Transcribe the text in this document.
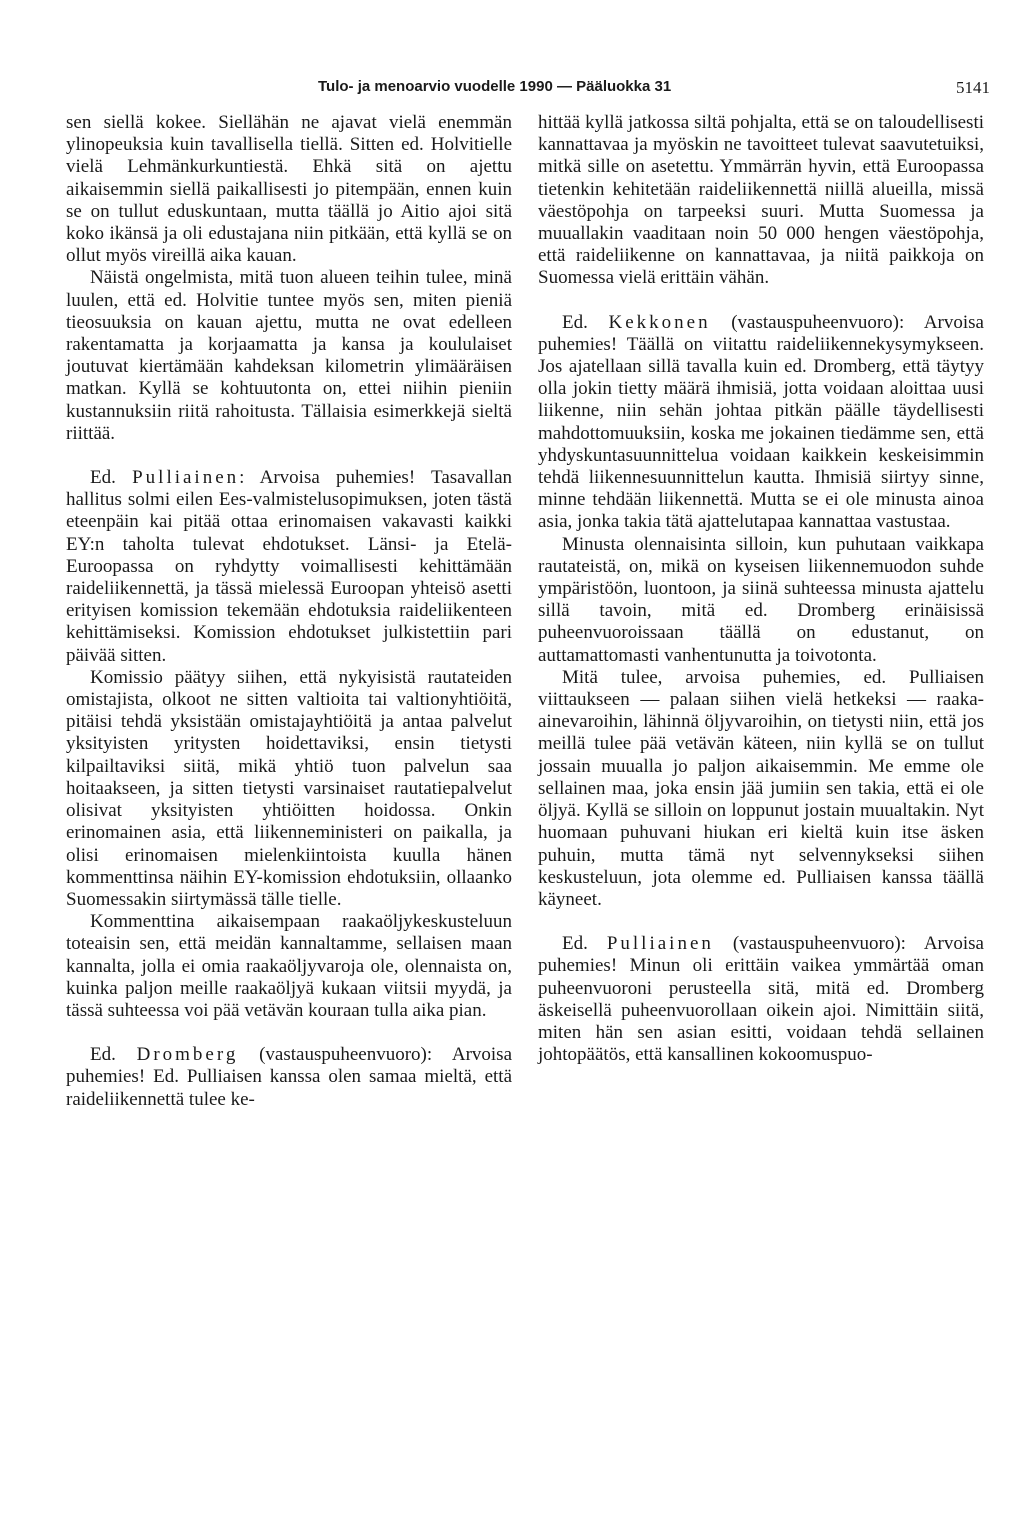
Tulo- ja menoarvio vuodelle 1990 — Pääluokka 31	5141

sen siellä kokee. Siellähän ne ajavat vielä enemmän ylinopeuksia kuin tavallisella tiellä. Sitten ed. Holvitielle vielä Lehmänkurkuntiestä. Ehkä sitä on ajettu aikaisemmin siellä paikallisesti jo pitempään, ennen kuin se on tullut eduskuntaan, mutta täällä jo Aitio ajoi sitä koko ikänsä ja oli edustajana niin pitkään, että kyllä se on ollut myös vireillä aika kauan.

Näistä ongelmista, mitä tuon alueen teihin tulee, minä luulen, että ed. Holvitie tuntee myös sen, miten pieniä tieosuuksia on kauan ajettu, mutta ne ovat edelleen rakentamatta ja korjaamatta ja kansa ja koululaiset joutuvat kiertämään kahdeksan kilometrin ylimääräisen matkan. Kyllä se kohtuutonta on, ettei niihin pieniin kustannuksiin riitä rahoitusta. Tällaisia esimerkkejä sieltä riittää.

Ed. Pulliainen: Arvoisa puhemies! Tasavallan hallitus solmi eilen Ees-valmistelusopimuksen, joten tästä eteenpäin kai pitää ottaa erinomaisen vakavasti kaikki EY:n taholta tulevat ehdotukset. Länsi- ja Etelä-Euroopassa on ryhdytty voimallisesti kehittämään raideliikennettä, ja tässä mielessä Euroopan yhteisö asetti erityisen komission tekemään ehdotuksia raideliikenteen kehittämiseksi. Komission ehdotukset julkistettiin pari päivää sitten.

Komissio päätyy siihen, että nykyisistä rautateiden omistajista, olkoot ne sitten valtioita tai valtionyhtiöitä, pitäisi tehdä yksistään omistajayhtiöitä ja antaa palvelut yksityisten yritysten hoidettaviksi, ensin tietysti kilpailtaviksi siitä, mikä yhtiö tuon palvelun saa hoitaakseen, ja sitten tietysti varsinaiset rautatiepalvelut olisivat yksityisten yhtiöitten hoidossa. Onkin erinomainen asia, että liikenneministeri on paikalla, ja olisi erinomaisen mielenkiintoista kuulla hänen kommenttinsa näihin EY-komission ehdotuksiin, ollaanko Suomessakin siirtymässä tälle tielle.

Kommenttina aikaisempaan raakaöljykeskusteluun toteaisin sen, että meidän kannaltamme, sellaisen maan kannalta, jolla ei omia raakaöljyvaroja ole, olennaista on, kuinka paljon meille raakaöljyä kukaan viitsii myydä, ja tässä suhteessa voi pää vetävän kouraan tulla aika pian.

Ed. Dromberg (vastauspuheenvuoro): Arvoisa puhemies! Ed. Pulliaisen kanssa olen samaa mieltä, että raideliikennettä tulee ke-

hittää kyllä jatkossa siltä pohjalta, että se on taloudellisesti kannattavaa ja myöskin ne tavoitteet tulevat saavutetuiksi, mitkä sille on asetettu. Ymmärrän hyvin, että Euroopassa tietenkin kehitetään raideliikennettä niillä alueilla, missä väestöpohja on tarpeeksi suuri. Mutta Suomessa ja muuallakin vaaditaan noin 50 000 hengen väestöpohja, että raideliikenne on kannattavaa, ja niitä paikkoja on Suomessa vielä erittäin vähän.

Ed. Kekkonen (vastauspuheenvuoro): Arvoisa puhemies! Täällä on viitattu raideliikennekysymykseen. Jos ajatellaan sillä tavalla kuin ed. Dromberg, että täytyy olla jokin tietty määrä ihmisiä, jotta voidaan aloittaa uusi liikenne, niin sehän johtaa pitkän päälle täydellisesti mahdottomuuksiin, koska me jokainen tiedämme sen, että yhdyskuntasuunnittelua voidaan kaikkein keskeisimmin tehdä liikennesuunnittelun kautta. Ihmisiä siirtyy sinne, minne tehdään liikennettä. Mutta se ei ole minusta ainoa asia, jonka takia tätä ajattelutapaa kannattaa vastustaa.

Minusta olennaisinta silloin, kun puhutaan vaikkapa rautateistä, on, mikä on kyseisen liikennemuodon suhde ympäristöön, luontoon, ja siinä suhteessa minusta ajattelu sillä tavoin, mitä ed. Dromberg erinäisissä puheenvuoroissaan täällä on edustanut, on auttamattomasti vanhentunutta ja toivotonta.

Mitä tulee, arvoisa puhemies, ed. Pulliaisen viittaukseen — palaan siihen vielä hetkeksi — raaka-ainevaroihin, lähinnä öljyvaroihin, on tietysti niin, että jos meillä tulee pää vetävän käteen, niin kyllä se on tullut jossain muualla jo paljon aikaisemmin. Me emme ole sellainen maa, joka ensin jää jumiin sen takia, että ei ole öljyä. Kyllä se silloin on loppunut jostain muualtakin. Nyt huomaan puhuvani hiukan eri kieltä kuin itse äsken puhuin, mutta tämä nyt selvennykseksi siihen keskusteluun, jota olemme ed. Pulliaisen kanssa täällä käyneet.

Ed. Pulliainen (vastauspuheenvuoro): Arvoisa puhemies! Minun oli erittäin vaikea ymmärtää oman puheenvuoroni perusteella sitä, mitä ed. Dromberg äskeisellä puheenvuorollaan oikein ajoi. Nimittäin siitä, miten hän sen asian esitti, voidaan tehdä sellainen johtopäätös, että kansallinen kokoomuspuo-
